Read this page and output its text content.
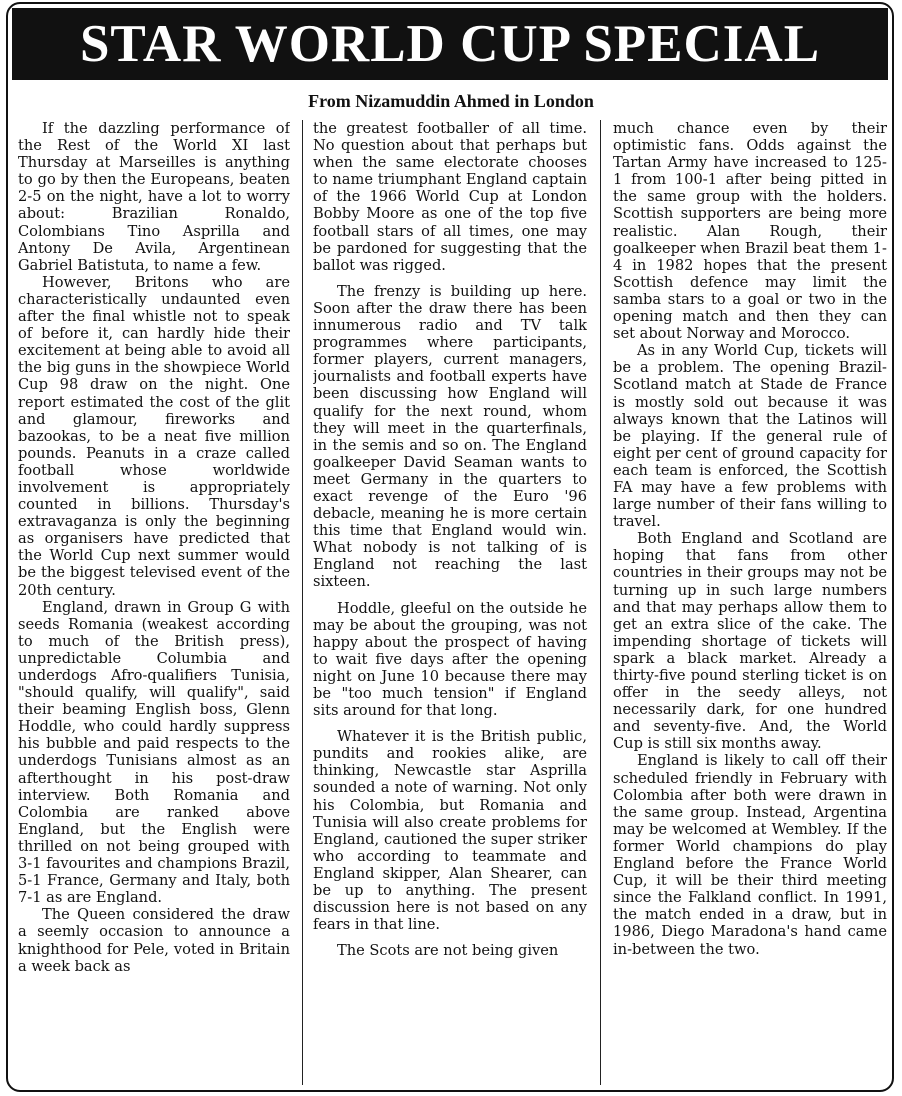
STAR WORLD CUP SPECIAL
From Nizamuddin Ahmed in London

If the dazzling performance of the Rest of the World XI last Thursday at Marseilles is anything to go by then the Europeans, beaten 2-5 on the night, have a lot to worry about: Brazilian Ronaldo, Colombians Tino Asprilla and Antony De Avila, Argentinean Gabriel Batistuta, to name a few.

However, Britons who are characteristically undaunted even after the final whistle not to speak of before it, can hardly hide their excitement at being able to avoid all the big guns in the showpiece World Cup 98 draw on the night. One report estimated the cost of the glit and glamour, fireworks and bazookas, to be a neat five million pounds. Peanuts in a craze called football whose worldwide involvement is appropriately counted in billions. Thursday's extravaganza is only the beginning as organisers have predicted that the World Cup next summer would be the biggest televised event of the 20th century.

England, drawn in Group G with seeds Romania (weakest according to much of the British press), unpredictable Columbia and underdogs Afro-qualifiers Tunisia, "should qualify, will qualify", said their beaming English boss, Glenn Hoddle, who could hardly suppress his bubble and paid respects to the underdogs Tunisians almost as an afterthought in his post-draw interview. Both Romania and Colombia are ranked above England, but the English were thrilled on not being grouped with 3-1 favourites and champions Brazil, 5-1 France, Germany and Italy, both 7-1 as are England.

The Queen considered the draw a seemly occasion to announce a knighthood for Pele, voted in Britain a week back as

the greatest footballer of all time. No question about that perhaps but when the same electorate chooses to name triumphant England captain of the 1966 World Cup at London Bobby Moore as one of the top five football stars of all times, one may be pardoned for suggesting that the ballot was rigged.

The frenzy is building up here. Soon after the draw there has been innumerous radio and TV talk programmes where participants, former players, current managers, journalists and football experts have been discussing how England will qualify for the next round, whom they will meet in the quarterfinals, in the semis and so on. The England goalkeeper David Seaman wants to meet Germany in the quarters to exact revenge of the Euro '96 debacle, meaning he is more certain this time that England would win. What nobody is not talking of is England not reaching the last sixteen.

Hoddle, gleeful on the outside he may be about the grouping, was not happy about the prospect of having to wait five days after the opening night on June 10 because there may be "too much tension" if England sits around for that long.

Whatever it is the British public, pundits and rookies alike, are thinking, Newcastle star Asprilla sounded a note of warning. Not only his Colombia, but Romania and Tunisia will also create problems for England, cautioned the super striker who according to teammate and England skipper, Alan Shearer, can be up to anything. The present discussion here is not based on any fears in that line.

The Scots are not being given

much chance even by their optimistic fans. Odds against the Tartan Army have increased to 125-1 from 100-1 after being pitted in the same group with the holders. Scottish supporters are being more realistic. Alan Rough, their goalkeeper when Brazil beat them 1-4 in 1982 hopes that the present Scottish defence may limit the samba stars to a goal or two in the opening match and then they can set about Norway and Morocco.

As in any World Cup, tickets will be a problem. The opening Brazil-Scotland match at Stade de France is mostly sold out because it was always known that the Latinos will be playing. If the general rule of eight per cent of ground capacity for each team is enforced, the Scottish FA may have a few problems with large number of their fans willing to travel.

Both England and Scotland are hoping that fans from other countries in their groups may not be turning up in such large numbers and that may perhaps allow them to get an extra slice of the cake. The impending shortage of tickets will spark a black market. Already a thirty-five pound sterling ticket is on offer in the seedy alleys, not necessarily dark, for one hundred and seventy-five. And, the World Cup is still six months away.

England is likely to call off their scheduled friendly in February with Colombia after both were drawn in the same group. Instead, Argentina may be welcomed at Wembley. If the former World champions do play England before the France World Cup, it will be their third meeting since the Falkland conflict. In 1991, the match ended in a draw, but in 1986, Diego Maradona's hand came in-between the two.
